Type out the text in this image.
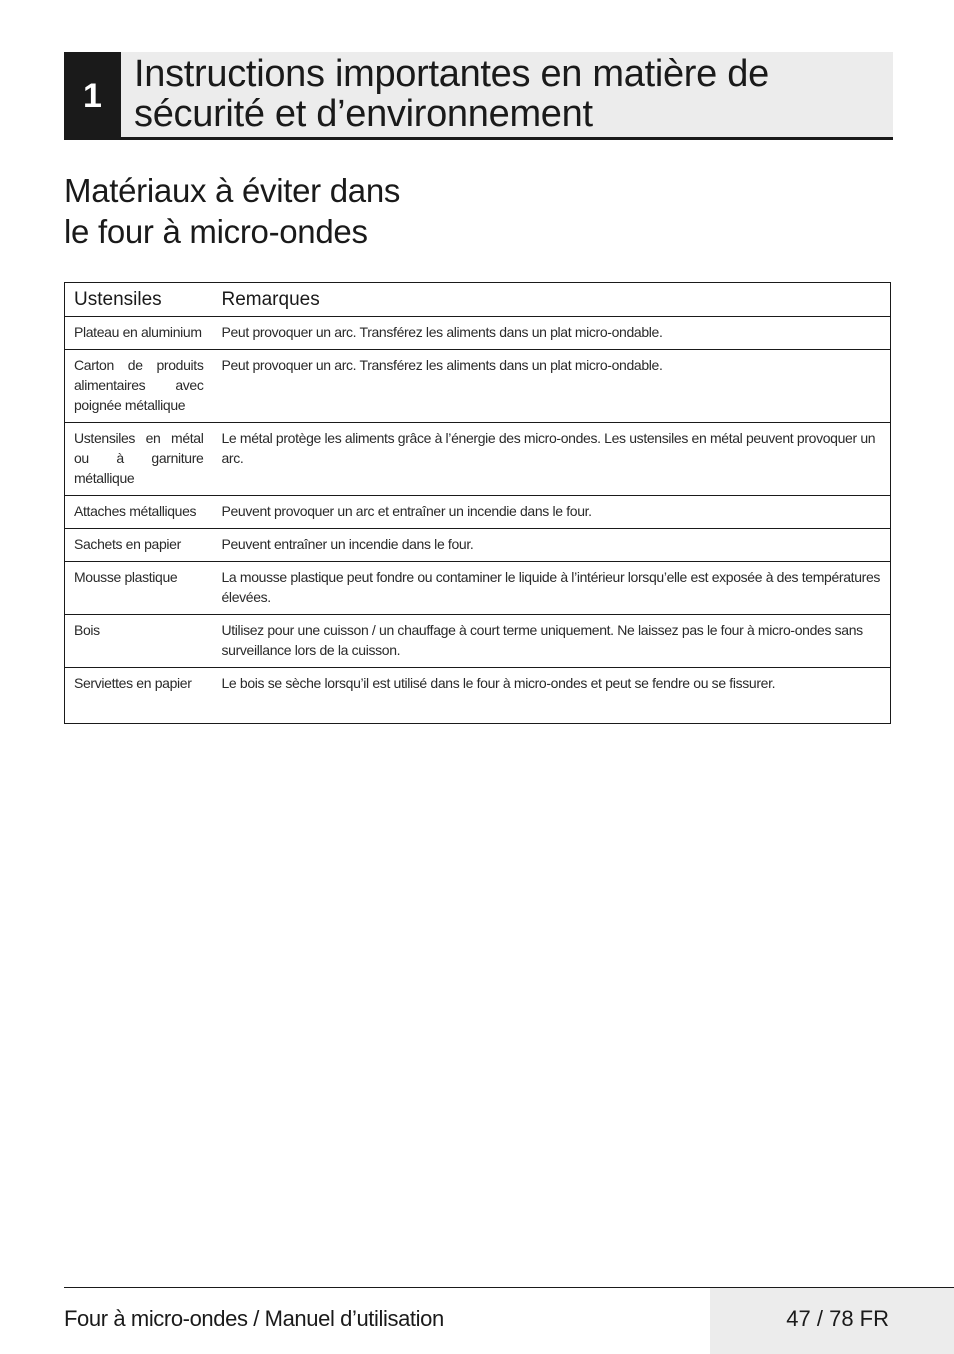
1
Instructions importantes en matière de sécurité et d’environnement
Matériaux à éviter dans
le four à micro-ondes
Ustensiles	Remarques
Plateau en aluminium	Peut provoquer un arc. Transférez les aliments dans un plat micro-ondable.
Carton de produits alimentaires avec poignée métallique	Peut provoquer un arc. Transférez les aliments dans un plat micro-ondable.
Ustensiles en métal ou à garniture métallique	Le métal protège les aliments grâce à l’énergie des micro-ondes. Les ustensiles en métal peuvent provoquer un arc.
Attaches métalliques	Peuvent provoquer un arc et entraîner un incendie dans le four.
Sachets en papier	Peuvent entraîner un incendie dans le four.
Mousse plastique	La mousse plastique peut fondre ou contaminer le liquide à l’intérieur lorsqu’elle est exposée à des températures élevées.
Bois	Utilisez pour une cuisson / un chauffage à court terme uniquement. Ne laissez pas le four à micro-ondes sans surveillance lors de la cuisson.
Serviettes en papier	Le bois se sèche lorsqu’il est utilisé dans le four à micro-ondes et peut se fendre ou se fissurer.
Four à micro-ondes / Manuel d’utilisation	47 / 78 FR
